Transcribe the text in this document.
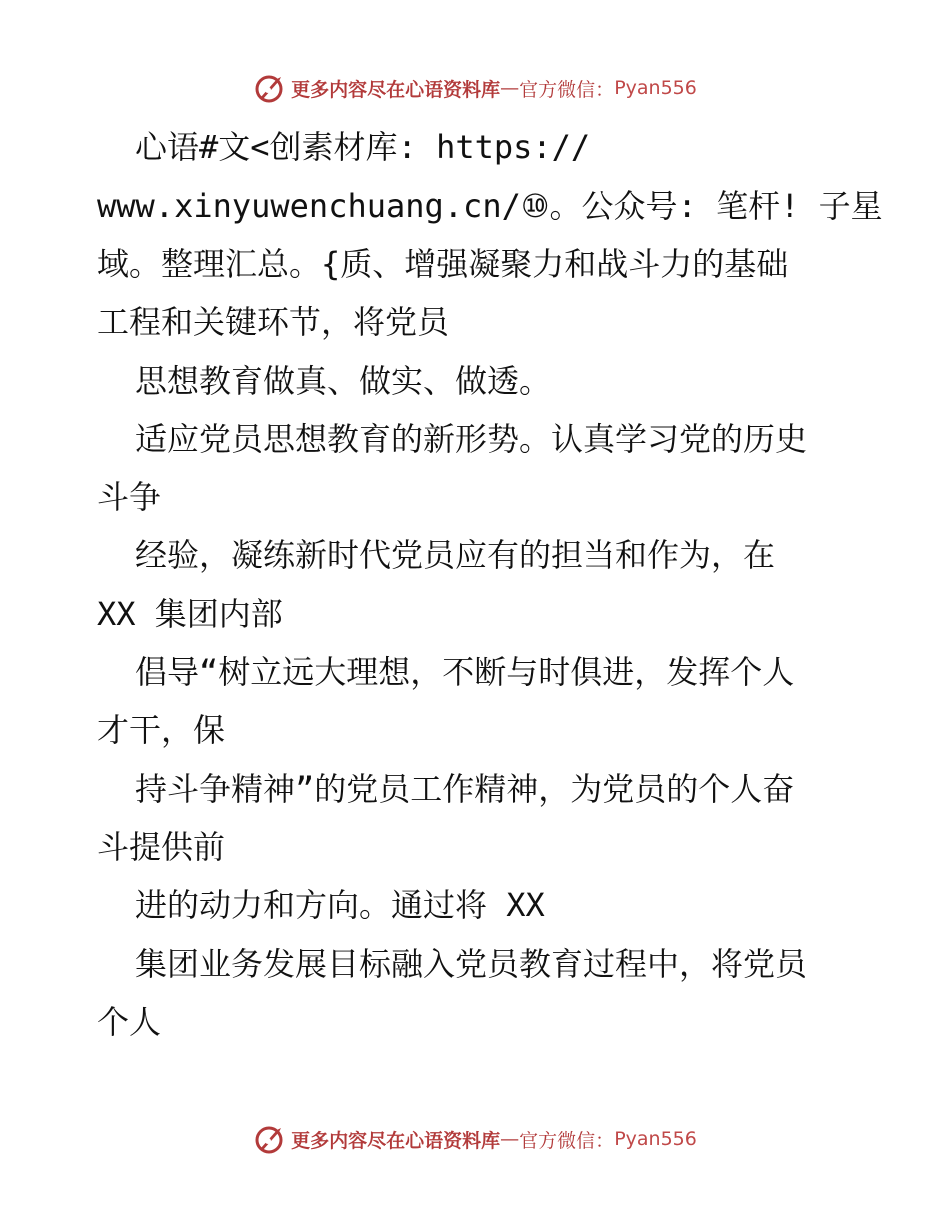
更多内容尽在心语资料库 — 官方微信： Pyan556
心语#文<创素材库: https://
www.xinyuwenchuang.cn/⑩。公众号: 笔杆! 子星
域。整理汇总。{质、增强凝聚力和战斗力的基础
工程和关键环节，将党员
思想教育做真、做实、做透。
适应党员思想教育的新形势。认真学习党的历史
斗争
经验，凝练新时代党员应有的担当和作为，在
XX 集团内部
倡导“树立远大理想，不断与时俱进，发挥个人
才干，保
持斗争精神”的党员工作精神，为党员的个人奋
斗提供前
进的动力和方向。通过将 XX
集团业务发展目标融入党员教育过程中，将党员
个人
更多内容尽在心语资料库 — 官方微信： Pyan556
